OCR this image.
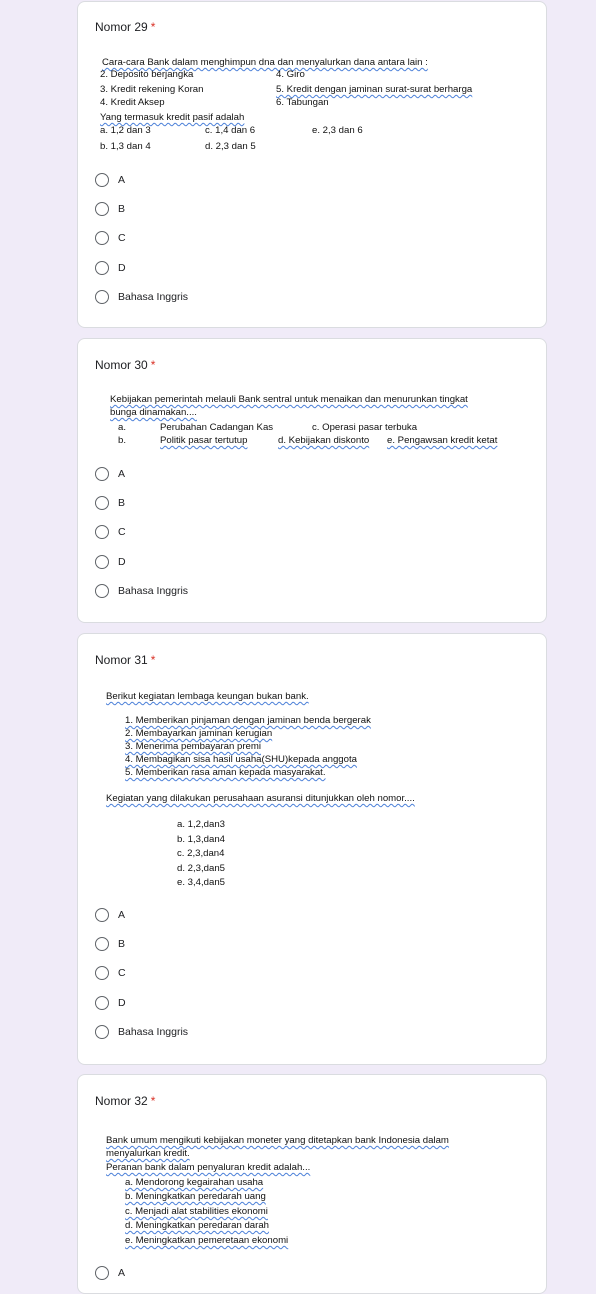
Nomor 29 *
Cara-cara Bank dalam menghimpun dna dan menyalurkan dana antara lain :
2. Deposito berjangka	4. Giro
3. Kredit rekening Koran	5. Kredit dengan jaminan surat-surat berharga
4. Kredit Aksep	6. Tabungan
Yang termasuk kredit pasif adalah
a. 1,2 dan 3	c. 1,4 dan 6	e. 2,3 dan 6
b. 1,3 dan 4	d. 2,3 dan 5
A
B
C
D
Bahasa Inggris
Nomor 30 *
Kebijakan pemerintah melauli Bank sentral untuk menaikan dan menurunkan tingkat
bunga dinamakan....
a.	Perubahan Cadangan Kas	c. Operasi pasar terbuka
b.	Politik pasar tertutup	d. Kebijakan diskonto e. Pengawsan kredit ketat
A
B
C
D
Bahasa Inggris
Nomor 31 *
Berikut kegiatan lembaga keungan bukan bank.
1. Memberikan pinjaman dengan jaminan benda bergerak
2. Membayarkan jaminan kerugian
3. Menerima pembayaran premi
4. Membagikan sisa hasil usaha(SHU)kepada anggota
5. Memberikan rasa aman kepada masyarakat.
Kegiatan yang dilakukan perusahaan asuransi ditunjukkan oleh nomor....
a. 1,2,dan3
b. 1,3,dan4
c. 2,3,dan4
d. 2,3,dan5
e. 3,4,dan5
A
B
C
D
Bahasa Inggris
Nomor 32 *
Bank umum mengikuti kebijakan moneter yang ditetapkan bank Indonesia dalam
menyalurkan kredit.
Peranan bank dalam penyaluran kredit adalah...
a. Mendorong kegairahan usaha
b. Meningkatkan peredarah uang
c. Menjadi alat stabilities ekonomi
d. Meningkatkan peredaran darah
e. Meningkatkan pemeretaan ekonomi
A
